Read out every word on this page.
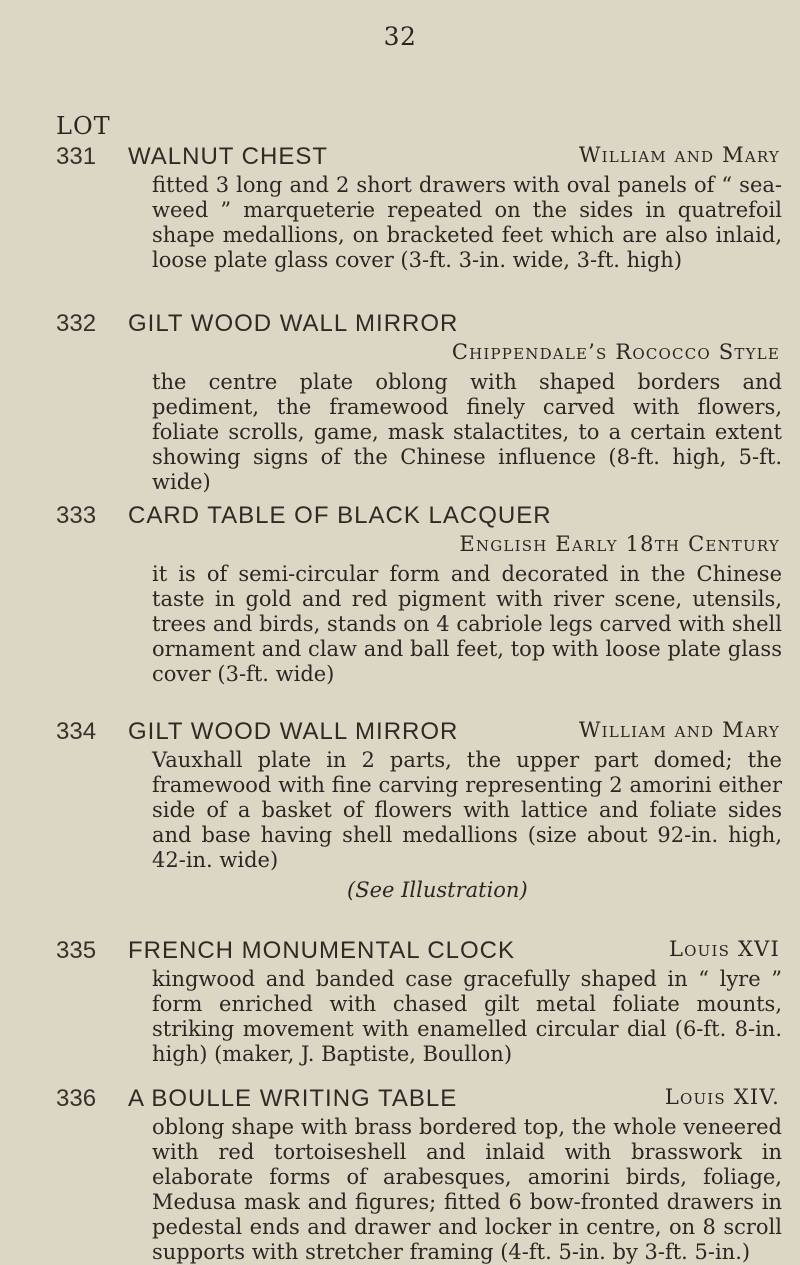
32
LOT
331 WALNUT CHEST	William and Mary
fitted 3 long and 2 short drawers with oval panels of “ sea-weed ” marqueterie repeated on the sides in quatrefoil shape medallions, on bracketed feet which are also inlaid, loose plate glass cover (3-ft. 3-in. wide, 3-ft. high)
332 GILT WOOD WALL MIRROR
Chippendale’s Rococco Style
the centre plate oblong with shaped borders and pediment, the framewood finely carved with flowers, foliate scrolls, game, mask stalactites, to a certain extent showing signs of the Chinese influence (8-ft. high, 5-ft. wide)
333 CARD TABLE OF BLACK LACQUER
English Early 18th Century
it is of semi-circular form and decorated in the Chinese taste in gold and red pigment with river scene, utensils, trees and birds, stands on 4 cabriole legs carved with shell ornament and claw and ball feet, top with loose plate glass cover (3-ft. wide)
334 GILT WOOD WALL MIRROR	William and Mary
Vauxhall plate in 2 parts, the upper part domed; the framewood with fine carving representing 2 amorini either side of a basket of flowers with lattice and foliate sides and base having shell medallions (size about 92-in. high, 42-in. wide)
(See Illustration)
335 FRENCH MONUMENTAL CLOCK	Louis XVI
kingwood and banded case gracefully shaped in “ lyre ” form enriched with chased gilt metal foliate mounts, striking movement with enamelled circular dial (6-ft. 8-in. high) (maker, J. Baptiste, Boullon)
336 A BOULLE WRITING TABLE	Louis XIV.
oblong shape with brass bordered top, the whole veneered with red tortoiseshell and inlaid with brasswork in elaborate forms of arabesques, amorini birds, foliage, Medusa mask and figures; fitted 6 bow-fronted drawers in pedestal ends and drawer and locker in centre, on 8 scroll supports with stretcher framing (4-ft. 5-in. by 3-ft. 5-in.)
